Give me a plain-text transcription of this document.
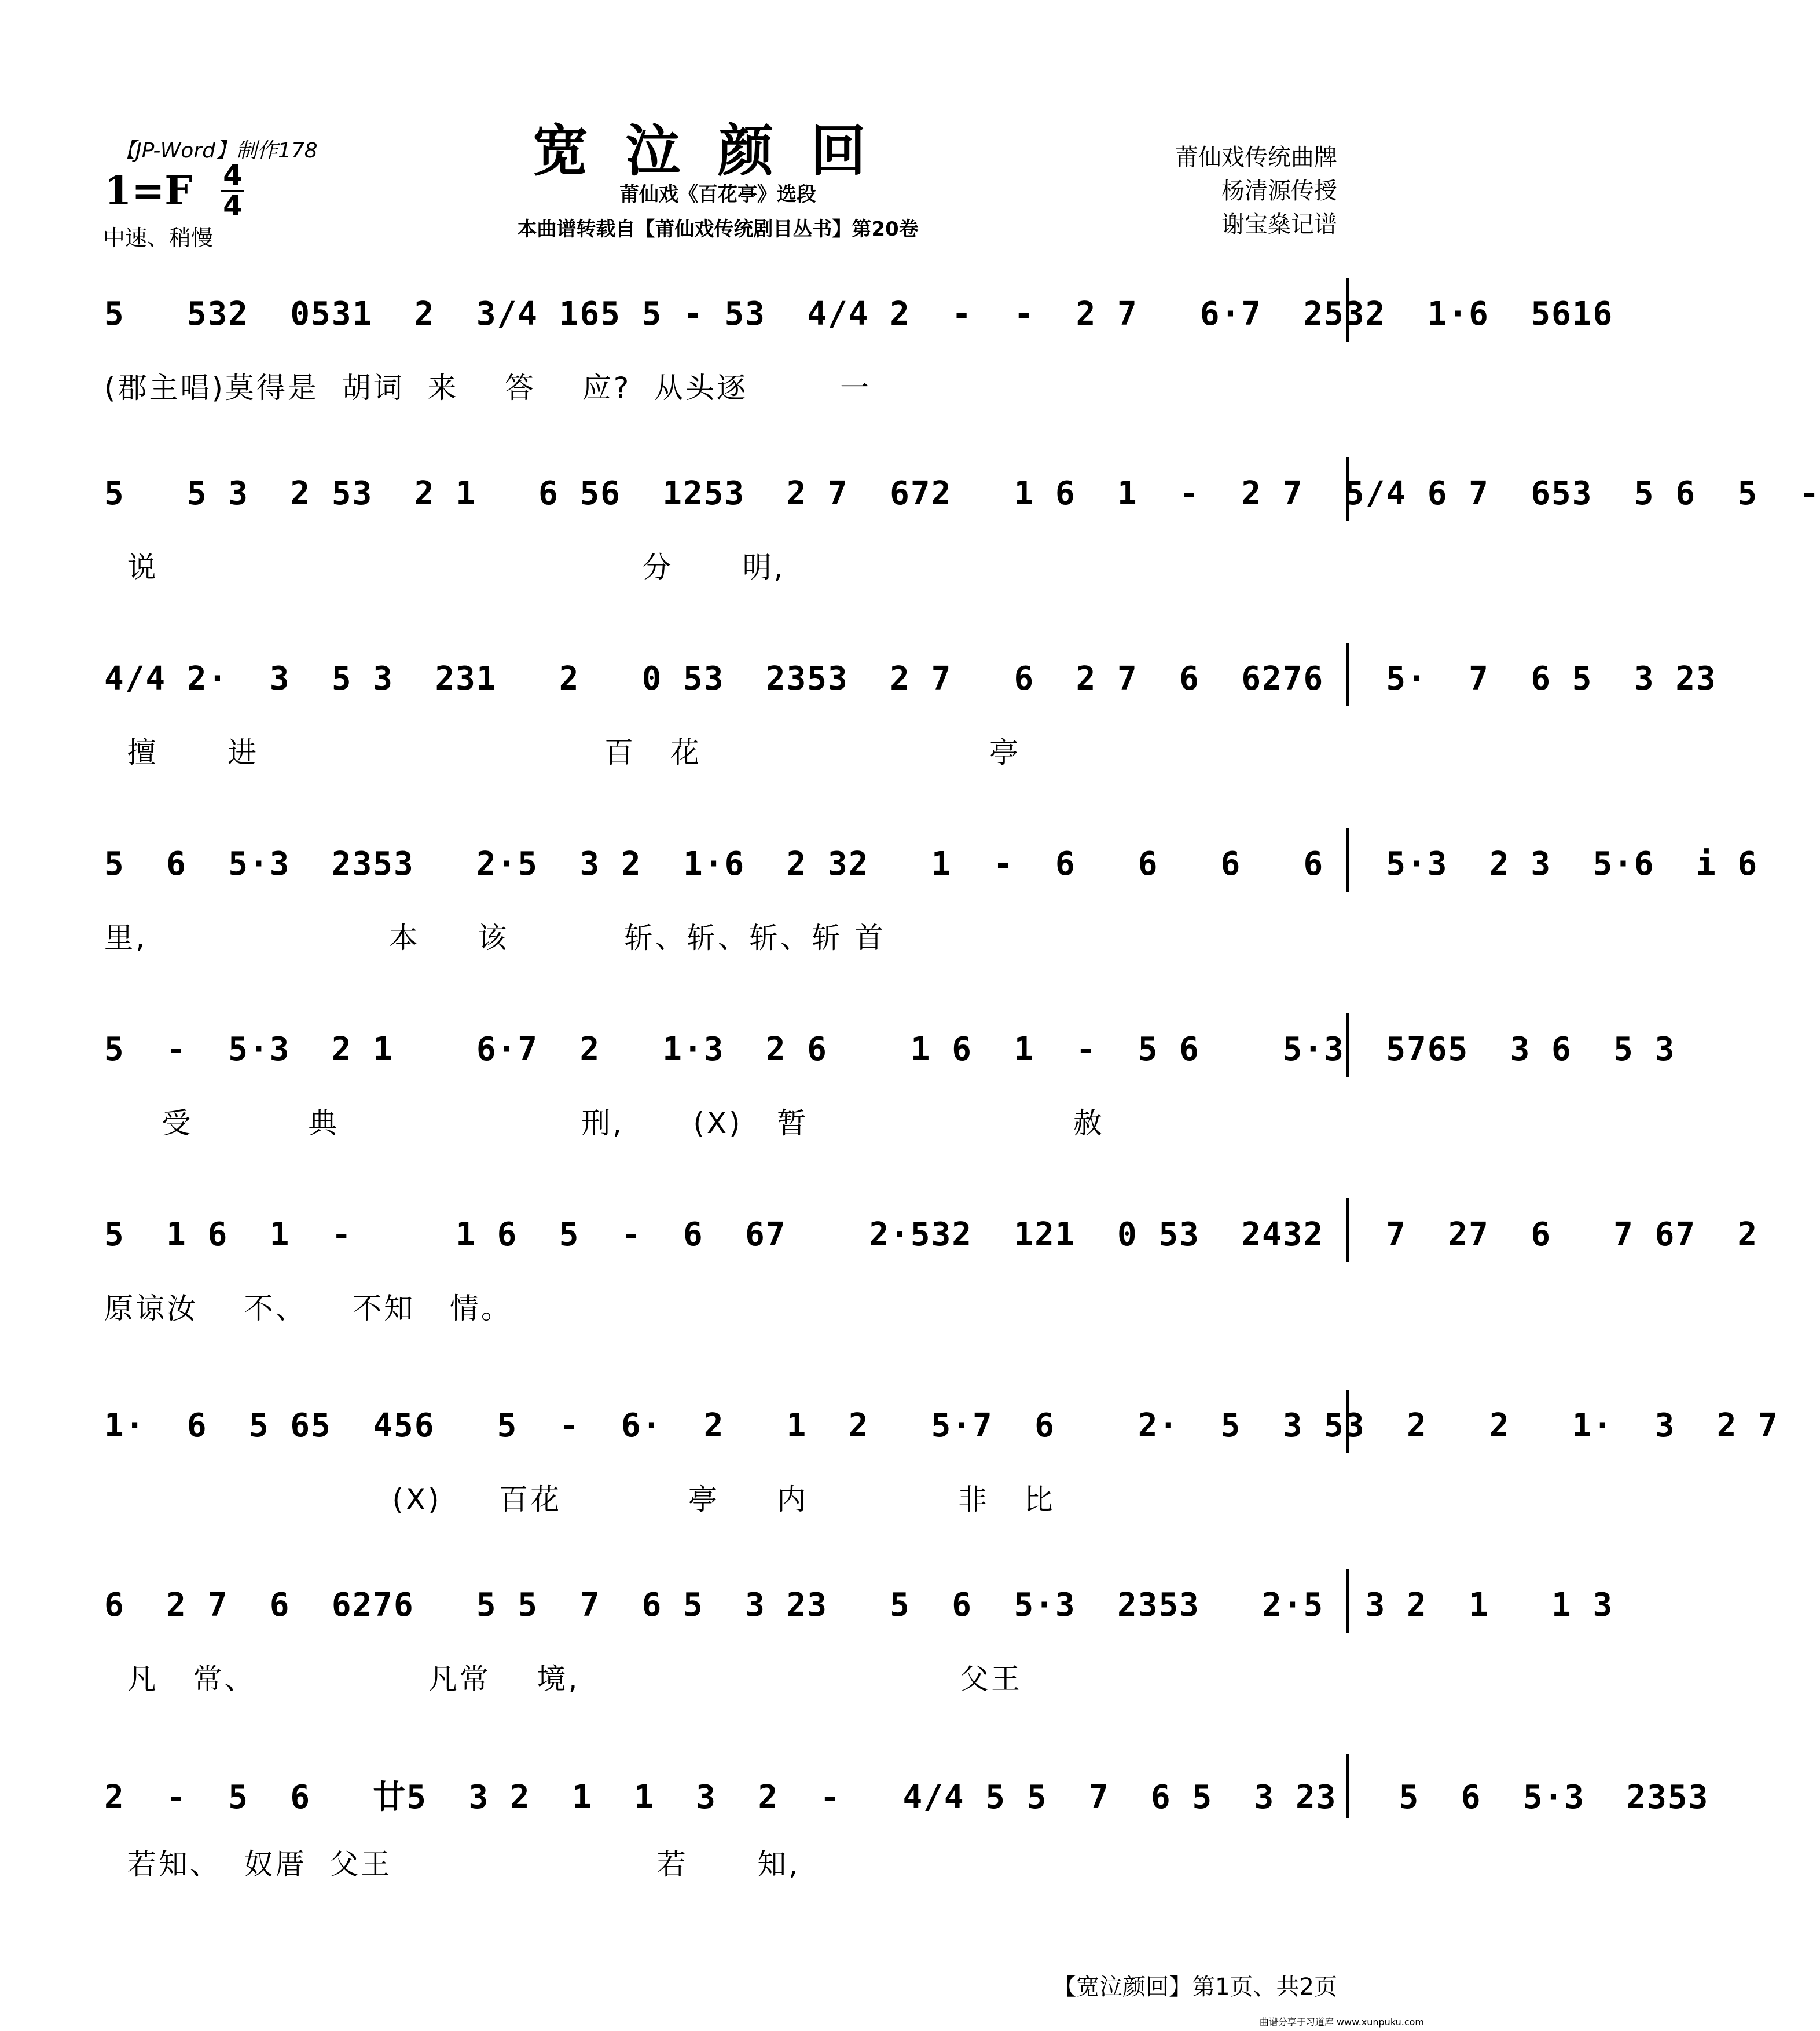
【JP-Word】制作178	宽泣颜回
1=F 4
4
中速、稍慢
莆仙戏《百花亭》选段
本曲谱转载自【莆仙戏传统剧目丛书】第20卷
莆仙戏传统曲牌
杨清源传授
谢宝燊记谱
5   532  0531  2  3/4 165 5 - 53  4/4 2  -  -  2 7   6·7  2532  1·6  5616
(郡主唱)莫得是  胡词  来    答    应?  从头逐        一
5   5 3  2 53  2 1   6 56  1253  2 7  672   1 6  1  -  2 7  5/4 6 7  653  5 6  5  -
说                                          分      明,
4/4 2·  3  5 3  231   2   0 53  2353  2 7   6  2 7  6  6276   5·  7  6 5  3 23
擅      进                              百   花                         亭
5  6  5·3  2353   2·5  3 2  1·6  2 32   1  -  6   6   6   6   5·3  2 3  5·6  i 6
里,                     本     该          斩、斩、斩、斩 首
5  -  5·3  2 1    6·7  2   1·3  2 6    1 6  1  -  5 6    5·3  5765  3 6  5 3
受          典                     刑,      (X)   暂                       赦
5  1 6  1  -     1 6  5  -  6  67    2·532  121  0 53  2432   7  27  6   7 67  2
原谅汝    不、    不知   情。
1·  6  5 65  456   5  -  6·  2   1  2   5·7  6    2·  5  3 53  2   2   1·  3  2 7
(X)     百花           亭     内             非   比
6  2 7  6  6276   5 5  7  6 5  3 23   5  6  5·3  2353   2·5  3 2  1   1 3
凡   常、               凡常    境,                                 父王
2  -  5  6   廿5  3 2  1  1  3  2  -   4/4 5 5  7  6 5  3 23   5  6  5·3  2353
若知、  奴厝  父王                       若      知,
【宽泣颜回】第1页、共2页
曲谱分享于习道库 www.xunpuku.com
